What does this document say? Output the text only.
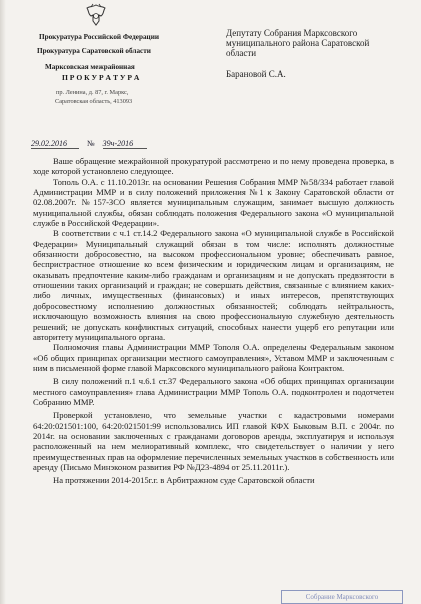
Прокуратура Российской Федерации
Прокуратура Саратовской области
Марксовская межрайонная
П Р О К У Р А Т У Р А
пр. Ленина, д. 87, г. Маркс,
Саратовская область, 413093
Депутату Собрания Марксовского
муниципального района Саратовской
области
Барановой С.А.
29.02.2016	№ 39ч-2016

Ваше обращение межрайонной прокуратурой рассмотрено и по нему проведена проверка, в ходе которой установлено следующее.

Тополь О.А. с 11.10.2013г. на основании Решения Собрания ММР №58/334 работает главой Администрации ММР и в силу положений приложения №1 к Закону Саратовской области от 02.08.2007г. №157-ЗСО является муниципальным служащим, занимает высшую должность муниципальной службы, обязан соблюдать положения Федерального закона «О муниципальной службе в Российской Федерации».

В соответствии с ч.1 ст.14.2 Федерального закона «О муниципальной службе в Российской Федерации» Муниципальный служащий обязан в том числе: исполнять должностные обязанности добросовестно, на высоком профессиональном уровне; обеспечивать равное, беспристрастное отношение ко всем физическим и юридическим лицам и организациям, не оказывать предпочтение каким-либо гражданам и организациям и не допускать предвзятости в отношении таких организаций и граждан; не совершать действия, связанные с влиянием каких-либо личных, имущественных (финансовых) и иных интересов, препятствующих добросовестному исполнению должностных обязанностей; соблюдать нейтральность, исключающую возможность влияния на свою профессиональную служебную деятельность решений; не допускать конфликтных ситуаций, способных нанести ущерб его репутации или авторитету муниципального органа.

Полномочия главы Администрации ММР Тополя О.А. определены Федеральным законом «Об общих принципах организации местного самоуправления», Уставом ММР и заключенным с ним в письменной форме главой Марксовского муниципального района Контрактом.

В силу положений п.1 ч.6.1 ст.37 Федерального закона «Об общих принципах организации местного самоуправления» глава Администрации ММР Тополь О.А. подконтролен и подотчетен Собранию ММР.

Проверкой установлено, что земельные участки с кадастровыми номерами 64:20:021501:100, 64:20:021501:99 использовались ИП главой КФХ Быковым В.П. с 2004г. по 2014г. на основании заключенных с гражданами договоров аренды, эксплуатируя и используя расположенный на нем мелиоративный комплекс, что свидетельствует о наличии у него преимущественных прав на оформление перечисленных земельных участков в собственность или аренду (Письмо Минэконом развития РФ №Д23-4894 от 25.11.2011г.).

На протяжении 2014-2015г.г. в Арбитражном суде Саратовской области

Собрание Марксовского
